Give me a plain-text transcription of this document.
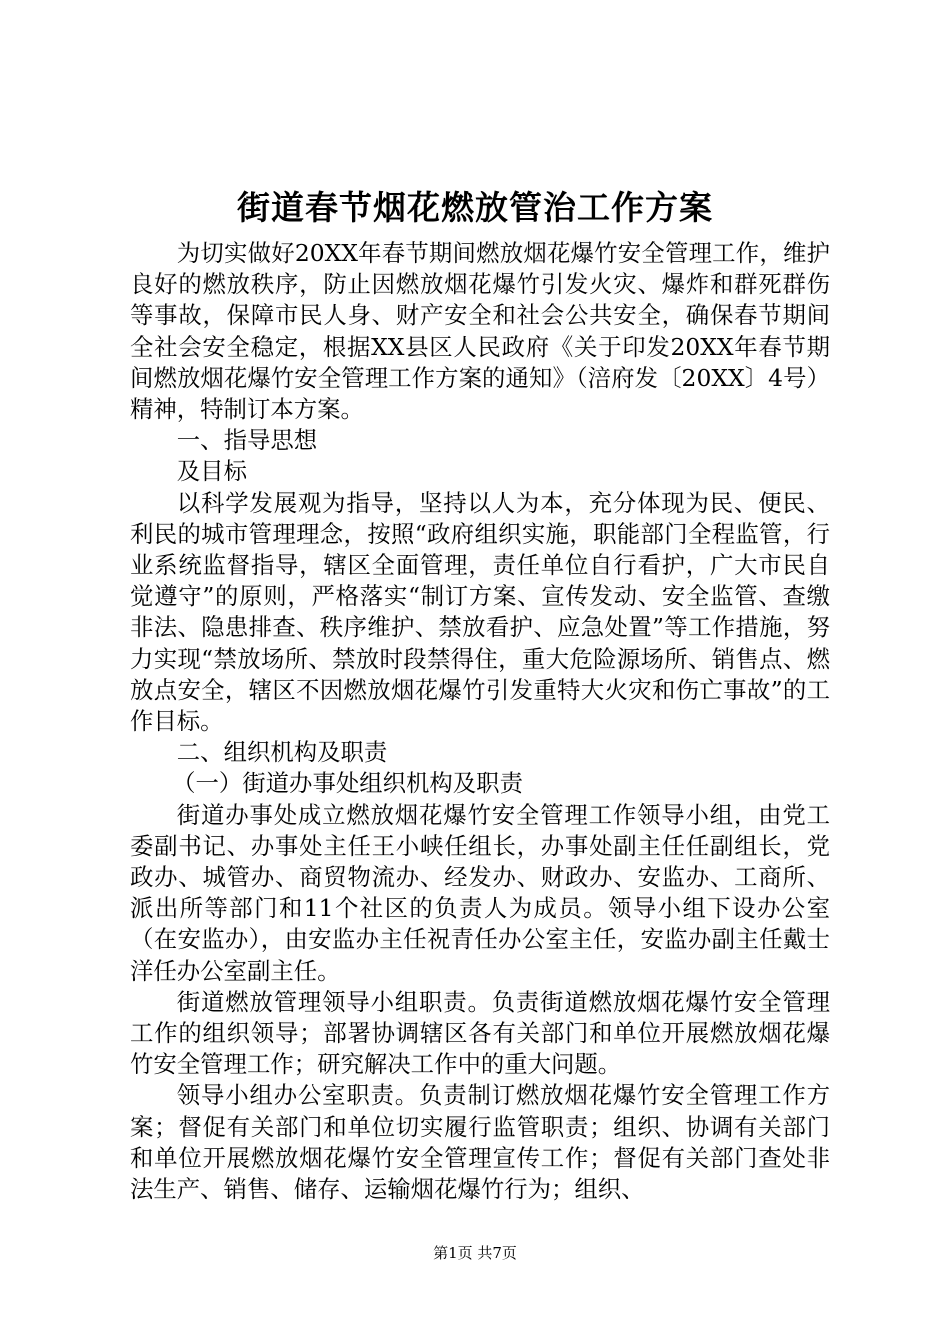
街道春节烟花燃放管治工作方案

为切实做好20XX年春节期间燃放烟花爆竹安全管理工作，维护良好的燃放秩序，防止因燃放烟花爆竹引发火灾、爆炸和群死群伤等事故，保障市民人身、财产安全和社会公共安全，确保春节期间全社会安全稳定，根据XX县区人民政府《关于印发20XX年春节期间燃放烟花爆竹安全管理工作方案的通知》（涪府发〔20XX〕4号）精神，特制订本方案。

一、指导思想

及目标

以科学发展观为指导，坚持以人为本，充分体现为民、便民、利民的城市管理理念，按照“政府组织实施，职能部门全程监管，行业系统监督指导，辖区全面管理，责任单位自行看护，广大市民自觉遵守”的原则，严格落实“制订方案、宣传发动、安全监管、查缴非法、隐患排查、秩序维护、禁放看护、应急处置”等工作措施，努力实现“禁放场所、禁放时段禁得住，重大危险源场所、销售点、燃放点安全，辖区不因燃放烟花爆竹引发重特大火灾和伤亡事故”的工作目标。

二、组织机构及职责

（一）街道办事处组织机构及职责

街道办事处成立燃放烟花爆竹安全管理工作领导小组，由党工委副书记、办事处主任王小峡任组长，办事处副主任任副组长，党政办、城管办、商贸物流办、经发办、财政办、安监办、工商所、派出所等部门和11个社区的负责人为成员。领导小组下设办公室（在安监办），由安监办主任祝青任办公室主任，安监办副主任戴士洋任办公室副主任。

街道燃放管理领导小组职责。负责街道燃放烟花爆竹安全管理工作的组织领导；部署协调辖区各有关部门和单位开展燃放烟花爆竹安全管理工作；研究解决工作中的重大问题。

领导小组办公室职责。负责制订燃放烟花爆竹安全管理工作方案；督促有关部门和单位切实履行监管职责；组织、协调有关部门和单位开展燃放烟花爆竹安全管理宣传工作；督促有关部门查处非法生产、销售、储存、运输烟花爆竹行为；组织、

第1页 共7页
